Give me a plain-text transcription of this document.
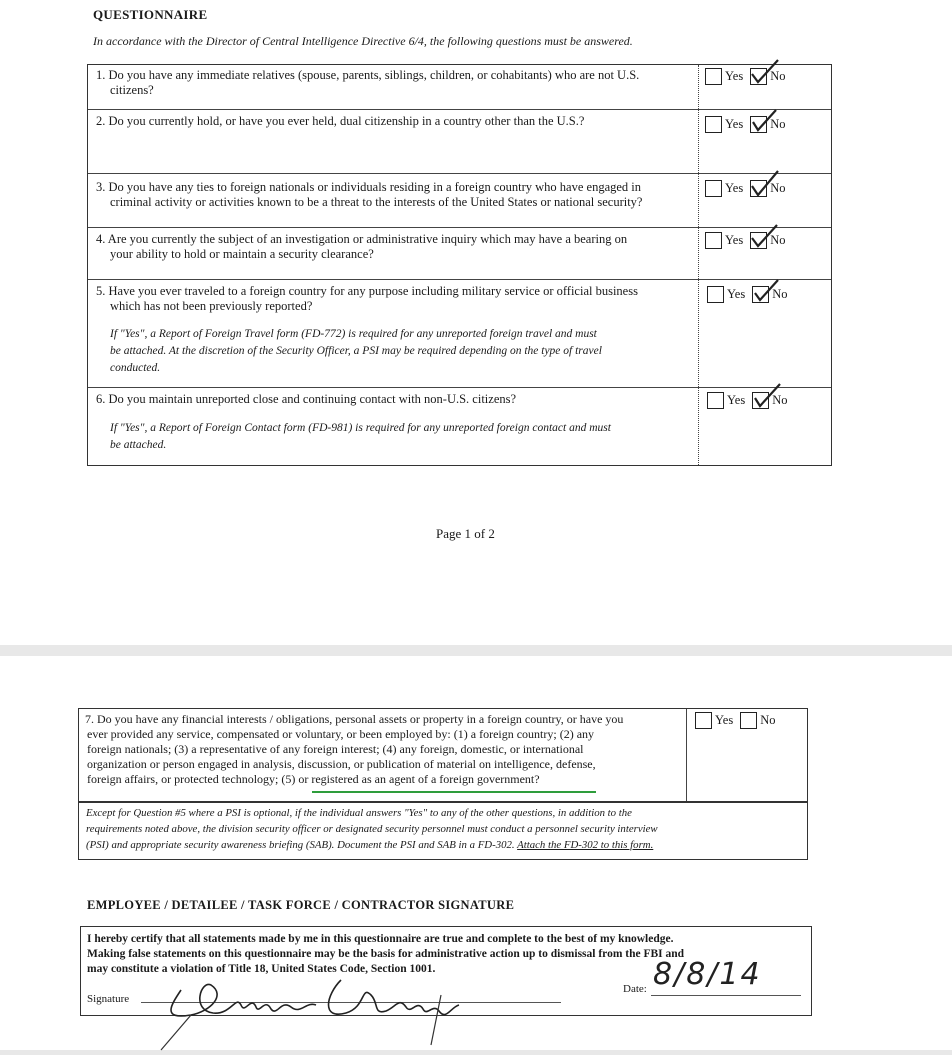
QUESTIONNAIRE
In accordance with the Director of Central Intelligence Directive 6/4, the following questions must be answered.
1. Do you have any immediate relatives (spouse, parents, siblings, children, or cohabitants) who are not U.S.
citizens?
Yes No
2. Do you currently hold, or have you ever held, dual citizenship in a country other than the U.S.?	Yes No
3. Do you have any ties to foreign nationals or individuals residing in a foreign country who have engaged in
criminal activity or activities known to be a threat to the interests of the United States or national security?
Yes No
4. Are you currently the subject of an investigation or administrative inquiry which may have a bearing on
your ability to hold or maintain a security clearance?
Yes No
5. Have you ever traveled to a foreign country for any purpose including military service or official business
which has not been previously reported?
If "Yes", a Report of Foreign Travel form (FD-772) is required for any unreported foreign travel and must
be attached. At the discretion of the Security Officer, a PSI may be required depending on the type of travel
conducted.
Yes No
6. Do you maintain unreported close and continuing contact with non-U.S. citizens?
If "Yes", a Report of Foreign Contact form (FD-981) is required for any unreported foreign contact and must
be attached.
Yes No
Page 1 of 2
7. Do you have any financial interests / obligations, personal assets or property in a foreign country, or have you
ever provided any service, compensated or voluntary, or been employed by: (1) a foreign country; (2) any
foreign nationals; (3) a representative of any foreign interest; (4) any foreign, domestic, or international
organization or person engaged in analysis, discussion, or publication of material on intelligence, defense,
foreign affairs, or protected technology; (5) or registered as an agent of a foreign government?
Yes No
Except for Question #5 where a PSI is optional, if the individual answers "Yes" to any of the other questions, in addition to the
requirements noted above, the division security officer or designated security personnel must conduct a personnel security interview
(PSI) and appropriate security awareness briefing (SAB). Document the PSI and SAB in a FD-302. Attach the FD-302 to this form.
EMPLOYEE / DETAILEE / TASK FORCE / CONTRACTOR SIGNATURE
I hereby certify that all statements made by me in this questionnaire are true and complete to the best of my knowledge.
Making false statements on this questionnaire may be the basis for administrative action up to dismissal from the FBI and
may constitute a violation of Title 18, United States Code, Section 1001.
Signature
Date: 8/8/14
